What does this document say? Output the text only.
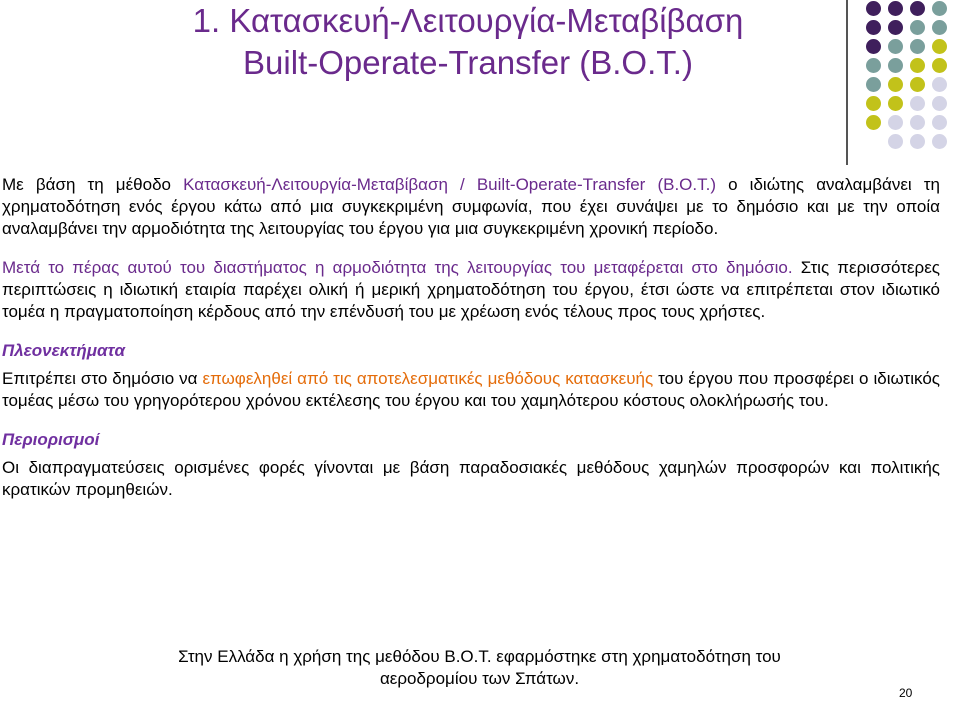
1. Κατασκευή-Λειτουργία-Μεταβίβαση
Built-Operate-Transfer (B.O.T.)

Με βάση τη μέθοδο Κατασκευή-Λειτουργία-Μεταβίβαση / Built-Operate-Transfer (B.O.T.) ο ιδιώτης αναλαμβάνει τη χρηματοδότηση ενός έργου κάτω από μια συγκεκριμένη συμφωνία, που έχει συνάψει με το δημόσιο και με την οποία αναλαμβάνει την αρμοδιότητα της λειτουργίας του έργου για μια συγκεκριμένη χρονική περίοδο.

Μετά το πέρας αυτού του διαστήματος η αρμοδιότητα της λειτουργίας του μεταφέρεται στο δημόσιο. Στις περισσότερες περιπτώσεις η ιδιωτική εταιρία παρέχει ολική ή μερική χρηματοδότηση του έργου, έτσι ώστε να επιτρέπεται στον ιδιωτικό τομέα η πραγματοποίηση κέρδους από την επένδυσή του με χρέωση ενός τέλους προς τους χρήστες.

Πλεονεκτήματα

Επιτρέπει στο δημόσιο να επωφεληθεί από τις αποτελεσματικές μεθόδους κατασκευής του έργου που προσφέρει ο ιδιωτικός τομέας μέσω του γρηγορότερου χρόνου εκτέλεσης του έργου και του χαμηλότερου κόστους ολοκλήρωσής του.

Περιορισμοί

Οι διαπραγματεύσεις ορισμένες φορές γίνονται με βάση παραδοσιακές μεθόδους χαμηλών προσφορών και πολιτικής κρατικών προμηθειών.

Στην Ελλάδα η χρήση της μεθόδου B.O.T. εφαρμόστηκε στη χρηματοδότηση του
αεροδρομίου των Σπάτων.
20
